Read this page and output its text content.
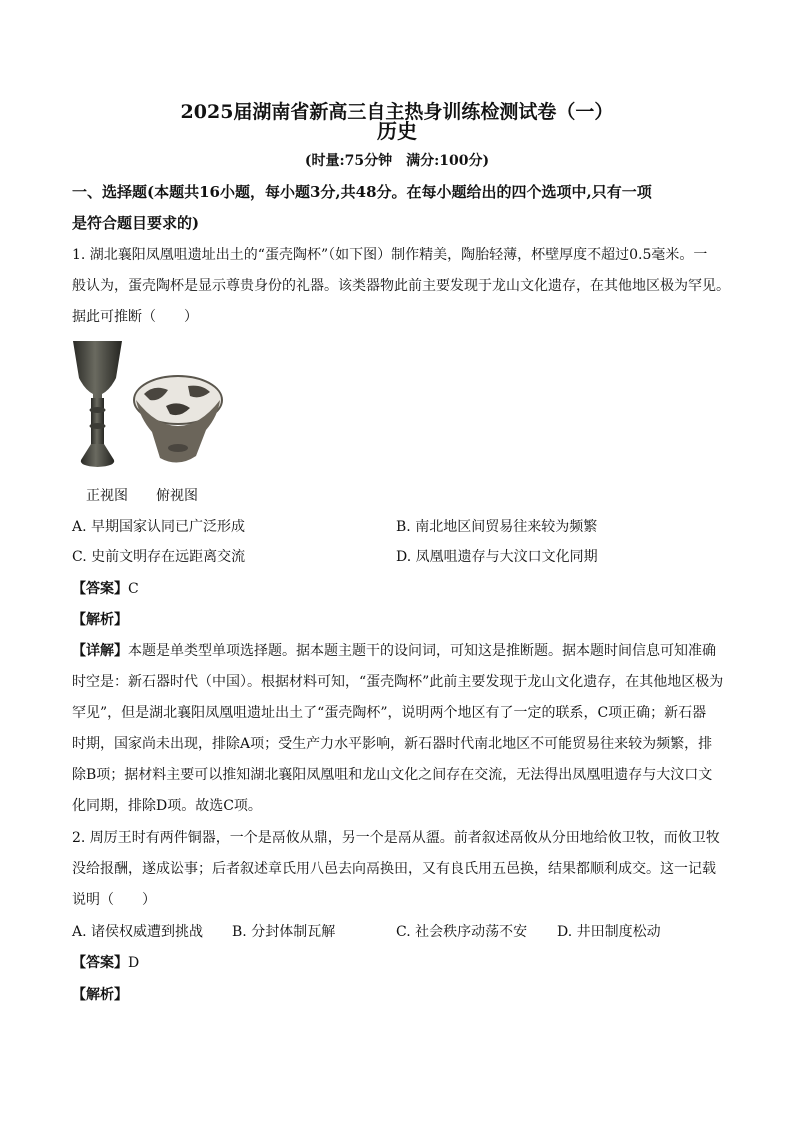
2025届湖南省新高三自主热身训练检测试卷（一）
历史
(时量:75分钟　满分:100分)
一、选择题(本题共16小题，每小题3分,共48分。在每小题给出的四个选项中,只有一项
是符合题目要求的)
1. 湖北襄阳凤凰咀遗址出土的“蛋壳陶杯”（如下图）制作精美，陶胎轻薄，杯壁厚度不超过0.5毫米。一
般认为，蛋壳陶杯是显示尊贵身份的礼器。该类器物此前主要发现于龙山文化遗存，在其他地区极为罕见。
据此可推断（　　）
正视图 俯视图
A. 早期国家认同已广泛形成	B. 南北地区间贸易往来较为频繁
C. 史前文明存在远距离交流	D. 凤凰咀遗存与大汶口文化同期
【答案】C
【解析】
【详解】本题是单类型单项选择题。据本题主题干的设问词，可知这是推断题。据本题时间信息可知准确
时空是：新石器时代（中国）。根据材料可知，“蛋壳陶杯”此前主要发现于龙山文化遗存，在其他地区极为
罕见”，但是湖北襄阳凤凰咀遗址出土了“蛋壳陶杯”，说明两个地区有了一定的联系，C项正确；新石器
时期，国家尚未出现，排除A项；受生产力水平影响，新石器时代南北地区不可能贸易往来较为频繁，排
除B项；据材料主要可以推知湖北襄阳凤凰咀和龙山文化之间存在交流，无法得出凤凰咀遗存与大汶口文
化同期，排除D项。故选C项。
2. 周厉王时有两件铜器，一个是鬲攸从鼎，另一个是鬲从盨。前者叙述鬲攸从分田地给攸卫牧，而攸卫牧
没给报酬，遂成讼事；后者叙述章氏用八邑去向鬲换田，又有良氏用五邑换，结果都顺利成交。这一记载
说明（　　）
A. 诸侯权威遭到挑战 B. 分封体制瓦解	C. 社会秩序动荡不安 D. 井田制度松动
【答案】D
【解析】
